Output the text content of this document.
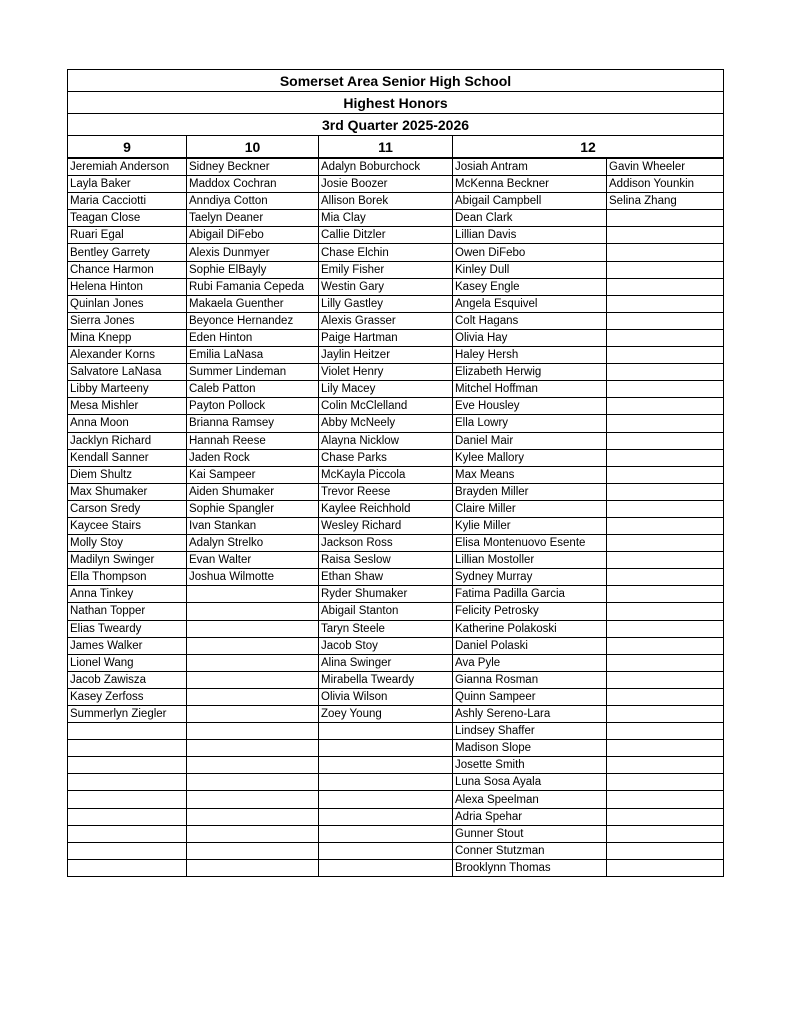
Somerset Area Senior High School				
Highest Honors				
3rd Quarter 2025-2026				
9	10	11	12	
Jeremiah Anderson	Sidney Beckner	Adalyn Boburchock	Josiah Antram	Gavin Wheeler
Layla Baker	Maddox Cochran	Josie Boozer	McKenna Beckner	Addison Younkin
Maria Cacciotti	Anndiya Cotton	Allison Borek	Abigail Campbell	Selina Zhang
Teagan Close	Taelyn Deaner	Mia Clay	Dean Clark	
Ruari Egal	Abigail DiFebo	Callie Ditzler	Lillian Davis	
Bentley Garrety	Alexis Dunmyer	Chase Elchin	Owen DiFebo	
Chance Harmon	Sophie ElBayly	Emily Fisher	Kinley Dull	
Helena Hinton	Rubi Famania Cepeda	Westin Gary	Kasey Engle	
Quinlan Jones	Makaela Guenther	Lilly Gastley	Angela Esquivel	
Sierra Jones	Beyonce Hernandez	Alexis Grasser	Colt Hagans	
Mina Knepp	Eden Hinton	Paige Hartman	Olivia Hay	
Alexander Korns	Emilia LaNasa	Jaylin Heitzer	Haley Hersh	
Salvatore LaNasa	Summer Lindeman	Violet Henry	Elizabeth Herwig	
Libby Marteeny	Caleb Patton	Lily Macey	Mitchel Hoffman	
Mesa Mishler	Payton Pollock	Colin McClelland	Eve Housley	
Anna Moon	Brianna Ramsey	Abby McNeely	Ella Lowry	
Jacklyn Richard	Hannah Reese	Alayna Nicklow	Daniel Mair	
Kendall Sanner	Jaden Rock	Chase Parks	Kylee Mallory	
Diem Shultz	Kai Sampeer	McKayla Piccola	Max Means	
Max Shumaker	Aiden Shumaker	Trevor Reese	Brayden Miller	
Carson Sredy	Sophie Spangler	Kaylee Reichhold	Claire Miller	
Kaycee Stairs	Ivan Stankan	Wesley Richard	Kylie Miller	
Molly Stoy	Adalyn Strelko	Jackson Ross	Elisa Montenuovo Esente	
Madilyn Swinger	Evan Walter	Raisa Seslow	Lillian Mostoller	
Ella Thompson	Joshua Wilmotte	Ethan Shaw	Sydney Murray	
Anna Tinkey		Ryder Shumaker	Fatima Padilla Garcia	
Nathan Topper		Abigail Stanton	Felicity Petrosky	
Elias Tweardy		Taryn Steele	Katherine Polakoski	
James Walker		Jacob Stoy	Daniel Polaski	
Lionel Wang		Alina Swinger	Ava Pyle	
Jacob Zawisza		Mirabella Tweardy	Gianna Rosman	
Kasey Zerfoss		Olivia Wilson	Quinn Sampeer	
Summerlyn Ziegler		Zoey Young	Ashly Sereno-Lara	
			Lindsey Shaffer	
			Madison Slope	
			Josette Smith	
			Luna Sosa Ayala	
			Alexa Speelman	
			Adria Spehar	
			Gunner Stout	
			Conner Stutzman	
			Brooklynn Thomas	
